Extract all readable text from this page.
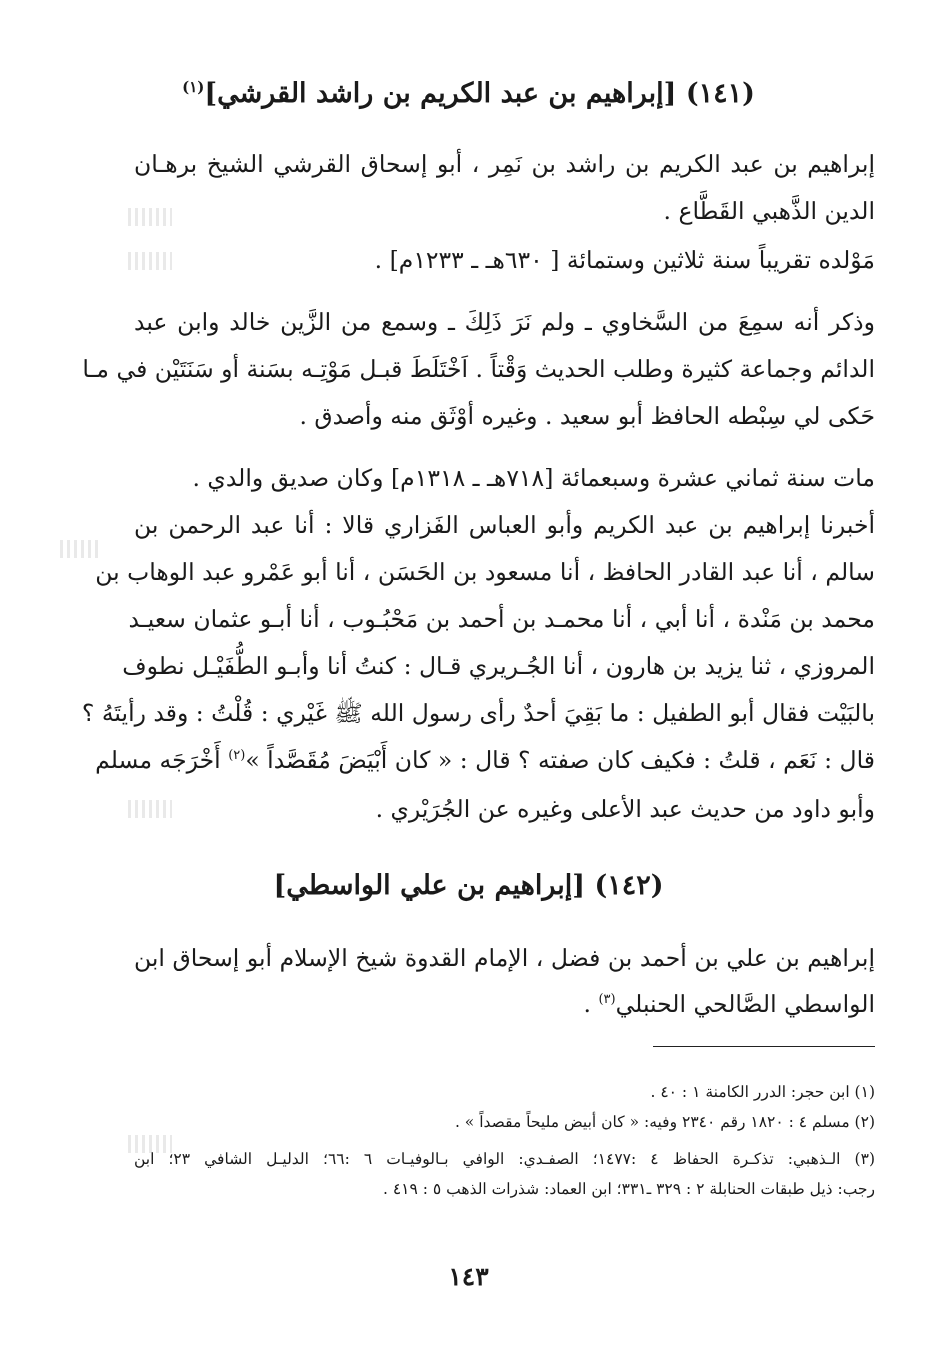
(١٤١) [إبراهيم بن عبد الكريم بن راشد القرشي]$^{(١)}$
إبراهيم بن عبد الكريم بن راشد بن نَمِر ، أبو إسحاق القرشي الشيخ برهـان
الدين الذَّهبي القَطَّاع .
مَوْلده تقريباً سنة ثلاثين وستمائة [ ٦٣٠هـ ـ ١٢٣٣م] .
وذكر أنه سمِعَ من السَّخاوي ـ ولم نَرَ ذَلِكَ ـ وسمع من الزَّين خالد وابن عبد
الدائم وجماعة كثيرة وطلب الحديث وَقْتاً . اَخْتَلَطَ قبـل مَوْتِـه بسَنة أو سَنَتَيْن في مـا
حَكى لي سِبْطه الحافظ أبو سعيد . وغيره أوْثَق منه وأصدق .
مات سنة ثماني عشرة وسبعمائة [٧١٨هـ ـ ١٣١٨م] وكان صديق والدي .
أخبرنا إبراهيم بن عبد الكريم وأبو العباس الفَزاري قالا : أنا عبد الرحمن بن
سالم ، أنا عبد القادر الحافظ ، أنا مسعود بن الحَسَن ، أنا أبو عَمْرو عبد الوهاب بن
محمد بن مَنْدة ، أنا أبي ، أنا محمـد بن أحمد بن مَحْبُـوب ، أنا أبـو عثمان سعيـد
المروزي ، ثنا يزيد بن هارون ، أنا الجُـريري قـال : كنتُ أنا وأبـو الطُّفَيْـل نطوف
بالبَيْت فقال أبو الطفيل : ما بَقِيَ أحدٌ رأى رسول الله ﷺ غَيْري : قُلْتُ : وقد رأيتَهُ ؟
قال : نَعَم ، قلتُ : فكيف كان صفته ؟ قال : « كان أَبْيَضَ مُقَصَّداً »$^{(٢)}$ أَخْرَجَه مسلم
وأبو داود من حديث عبد الأعلى وغيره عن الجُرَيْري .
(١٤٢) [إبراهيم بن علي الواسطي]
إبراهيم بن علي بن أحمد بن فضل ، الإمام القدوة شيخ الإسلام أبو إسحاق ابن
الواسطي الصَّالحي الحنبلي$^{(٣)}$ .
(١) ابن حجر: الدرر الكامنة ١ : ٤٠ .
(٢) مسلم ٤ : ١٨٢٠ رقم ٢٣٤٠ وفيه: « كان أبيض مليحاً مقصداً » .
(٣) الـذهبي: تذكـرة الحفاظ ٤ :١٤٧٧؛ الصفـدي: الوافي بـالوفيـات ٦ :٦٦؛ الدليـل الشافي ٢٣؛ ابن
رجب: ذيل طبقات الحنابلة ٢ : ٣٢٩ ـ٣٣١؛ ابن العماد: شذرات الذهب ٥ : ٤١٩ .
١٤٣
